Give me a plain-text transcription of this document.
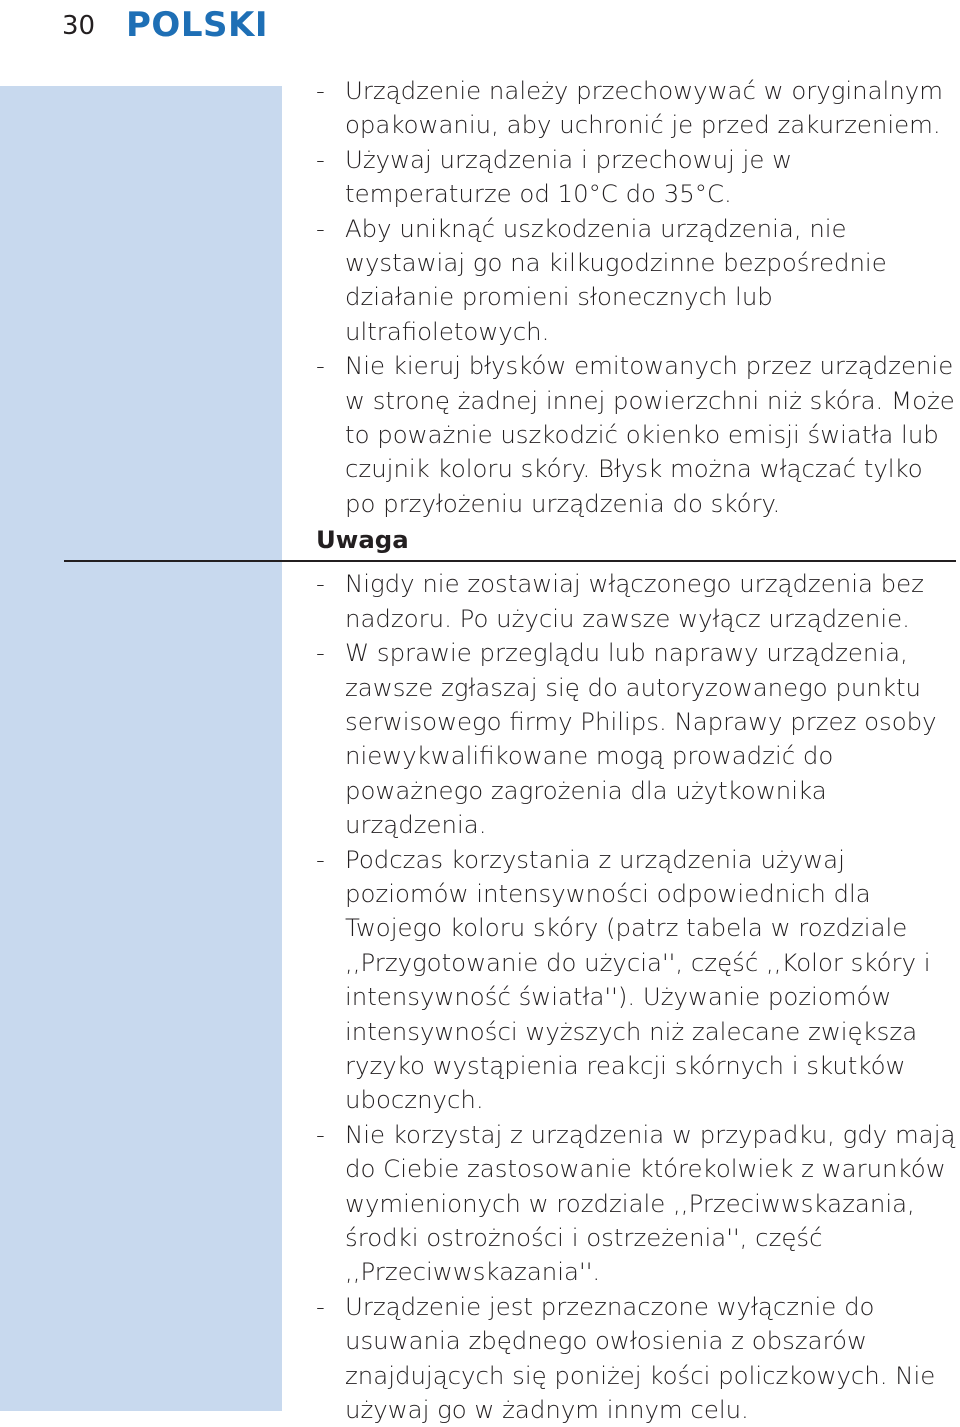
30 POLSKI
- Urządzenie należy przechowywać w oryginalnym opakowaniu, aby uchronić je przed zakurzeniem.
- Używaj urządzenia i przechowuj je w temperaturze od 10°C do 35°C.
- Aby uniknąć uszkodzenia urządzenia, nie wystawiaj go na kilkugodzinne bezpośrednie działanie promieni słonecznych lub ultrafioletowych.
- Nie kieruj błysków emitowanych przez urządzenie w stronę żadnej innej powierzchni niż skóra. Może to poważnie uszkodzić okienko emisji światła lub czujnik koloru skóry. Błysk można włączać tylko po przyłożeniu urządzenia do skóry.
Uwaga
- Nigdy nie zostawiaj włączonego urządzenia bez nadzoru. Po użyciu zawsze wyłącz urządzenie.
- W sprawie przeglądu lub naprawy urządzenia, zawsze zgłaszaj się do autoryzowanego punktu serwisowego firmy Philips. Naprawy przez osoby niewykwalifikowane mogą prowadzić do poważnego zagrożenia dla użytkownika urządzenia.
- Podczas korzystania z urządzenia używaj poziomów intensywności odpowiednich dla Twojego koloru skóry (patrz tabela w rozdziale ,,Przygotowanie do użycia'', część ,,Kolor skóry i intensywność światła''). Używanie poziomów intensywności wyższych niż zalecane zwiększa ryzyko wystąpienia reakcji skórnych i skutków ubocznych.
- Nie korzystaj z urządzenia w przypadku, gdy mają do Ciebie zastosowanie którekolwiek z warunków wymienionych w rozdziale ,,Przeciwwskazania, środki ostrożności i ostrzeżenia'', część ,,Przeciwwskazania''.
- Urządzenie jest przeznaczone wyłącznie do usuwania zbędnego owłosienia z obszarów znajdujących się poniżej kości policzkowych. Nie używaj go w żadnym innym celu.
